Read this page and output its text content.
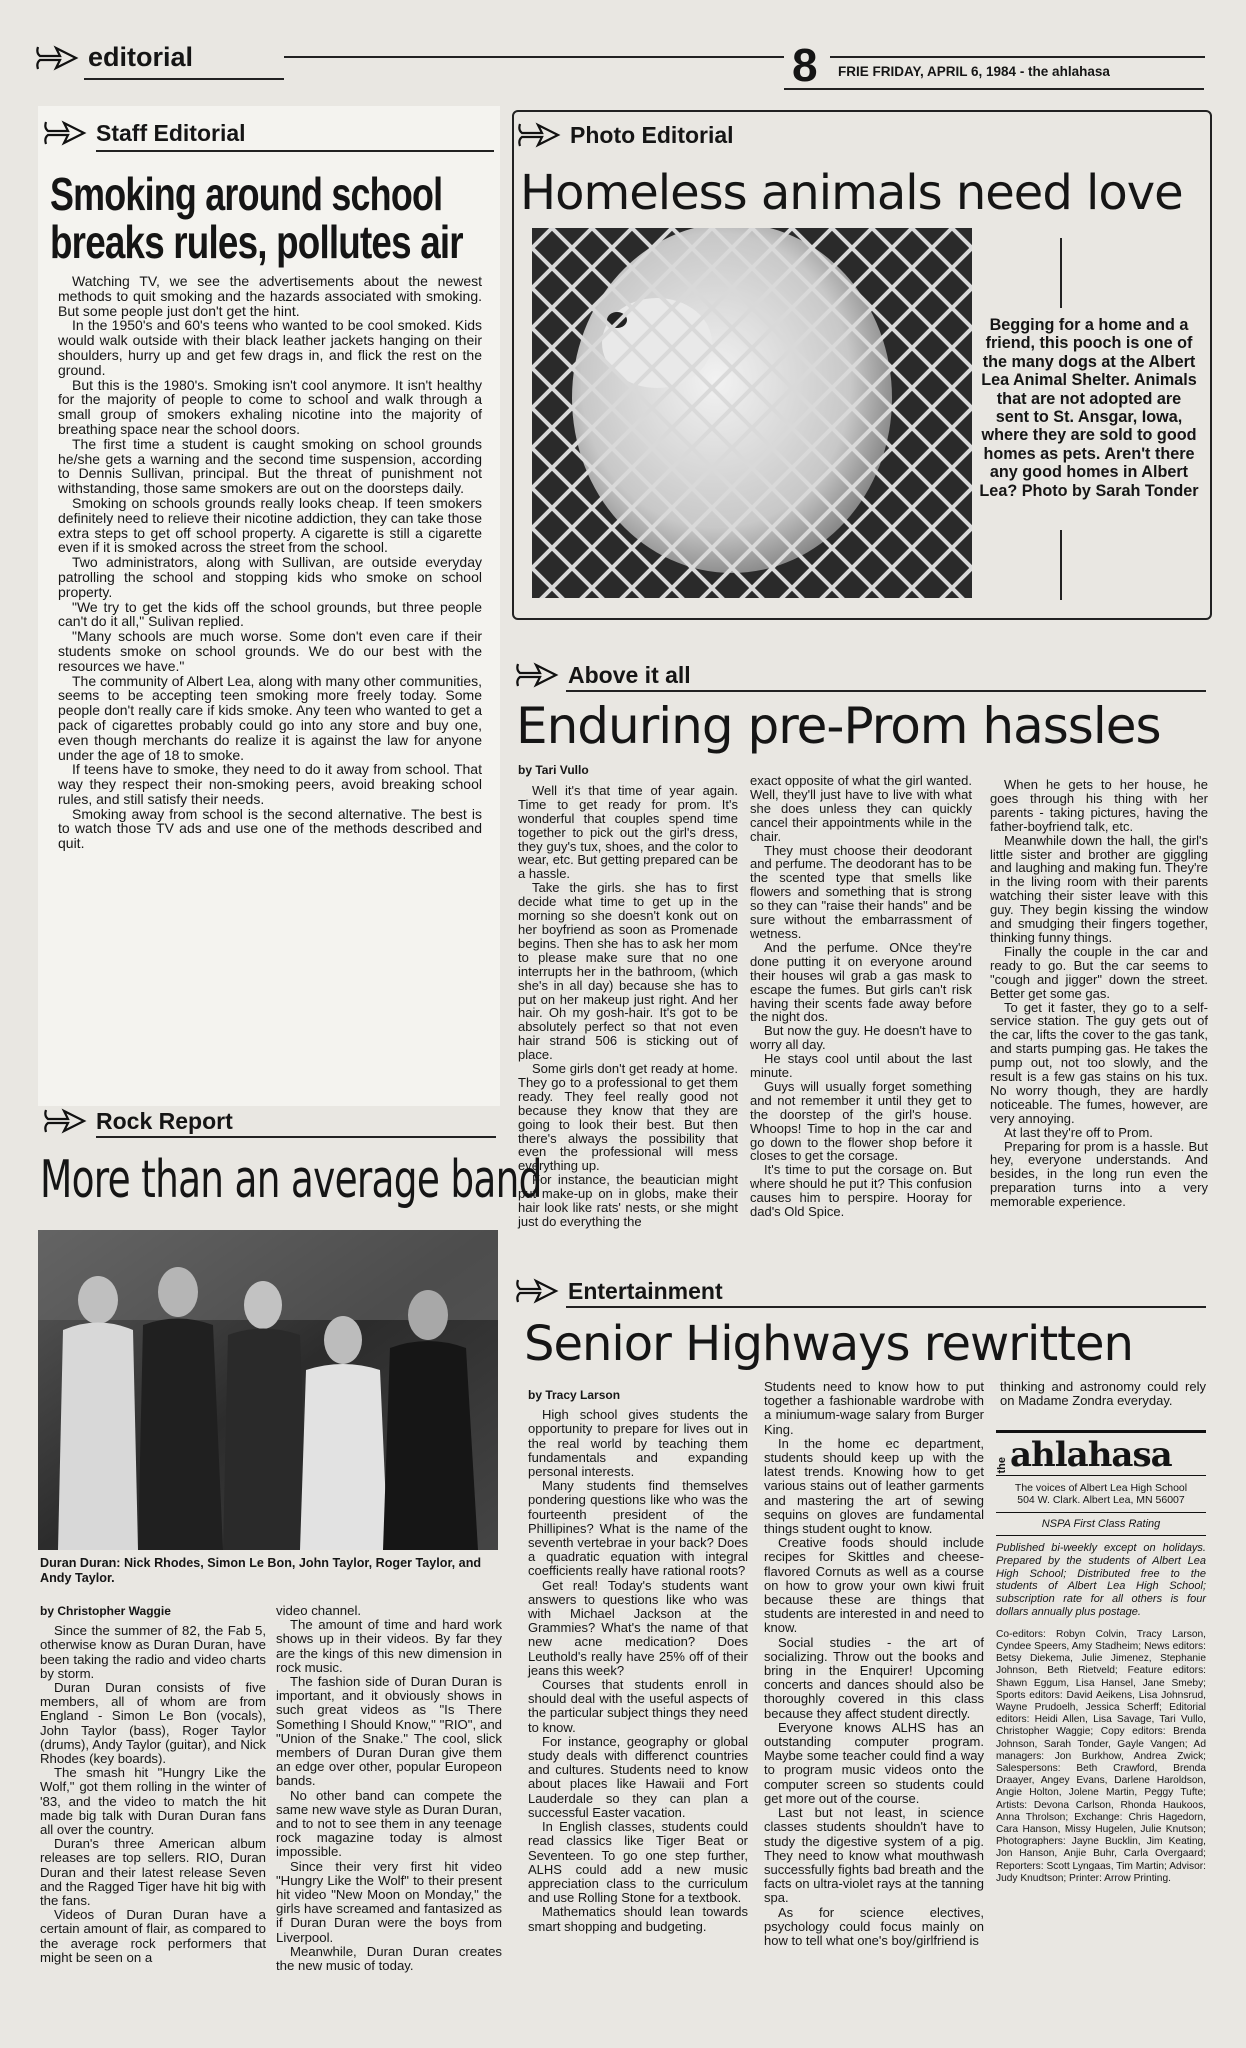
editorial	8 FRIE FRIDAY, APRIL 6, 1984 - the ahlahasa
Staff Editorial
Smoking around school
breaks rules, pollutes air

Watching TV, we see the advertisements about the newest methods to quit smoking and the hazards associated with smoking. But some people just don't get the hint.

In the 1950's and 60's teens who wanted to be cool smoked. Kids would walk outside with their black leather jackets hanging on their shoulders, hurry up and get few drags in, and flick the rest on the ground.

But this is the 1980's. Smoking isn't cool anymore. It isn't healthy for the majority of people to come to school and walk through a small group of smokers exhaling nicotine into the majority of breathing space near the school doors.

The first time a student is caught smoking on school grounds he/she gets a warning and the second time suspension, according to Dennis Sullivan, principal. But the threat of punishment not withstanding, those same smokers are out on the doorsteps daily.

Smoking on schools grounds really looks cheap. If teen smokers definitely need to relieve their nicotine addiction, they can take those extra steps to get off school property. A cigarette is still a cigarette even if it is smoked across the street from the school.

Two administrators, along with Sullivan, are outside everyday patrolling the school and stopping kids who smoke on school property.

"We try to get the kids off the school grounds, but three people can't do it all," Sulivan replied.

"Many schools are much worse. Some don't even care if their students smoke on school grounds. We do our best with the resources we have."

The community of Albert Lea, along with many other communities, seems to be accepting teen smoking more freely today. Some people don't really care if kids smoke. Any teen who wanted to get a pack of cigarettes probably could go into any store and buy one, even though merchants do realize it is against the law for anyone under the age of 18 to smoke.

If teens have to smoke, they need to do it away from school. That way they respect their non-smoking peers, avoid breaking school rules, and still satisfy their needs.

Smoking away from school is the second alternative. The best is to watch those TV ads and use one of the methods described and quit.

Rock Report
More than an average band
Duran Duran: Nick Rhodes, Simon Le Bon, John Taylor, Roger Taylor, and Andy Taylor.
by Christopher Waggie

Since the summer of 82, the Fab 5, otherwise know as Duran Duran, have been taking the radio and video charts by storm.

Duran Duran consists of five members, all of whom are from England - Simon Le Bon (vocals), John Taylor (bass), Roger Taylor (drums), Andy Taylor (guitar), and Nick Rhodes (key boards).

The smash hit "Hungry Like the Wolf," got them rolling in the winter of '83, and the video to match the hit made big talk with Duran Duran fans all over the country.

Duran's three American album releases are top sellers. RIO, Duran Duran and their latest release Seven and the Ragged Tiger have hit big with the fans.

Videos of Duran Duran have a certain amount of flair, as compared to the average rock performers that might be seen on a

video channel.

The amount of time and hard work shows up in their videos. By far they are the kings of this new dimension in rock music.

The fashion side of Duran Duran is important, and it obviously shows in such great videos as "Is There Something I Should Know," "RIO", and "Union of the Snake." The cool, slick members of Duran Duran give them an edge over other, popular Europeon bands.

No other band can compete the same new wave style as Duran Duran, and to not to see them in any teenage rock magazine today is almost impossible.

Since their very first hit video "Hungry Like the Wolf" to their present hit video "New Moon on Monday," the girls have screamed and fantasized as if Duran Duran were the boys from Liverpool.

Meanwhile, Duran Duran creates the new music of today.

Photo Editorial
Homeless animals need love
Begging for a home and a friend, this pooch is one of the many dogs at the Albert Lea Animal Shelter. Animals that are not adopted are sent to St. Ansgar, Iowa, where they are sold to good homes as pets. Aren't there any good homes in Albert Lea? Photo by Sarah Tonder
Above it all
Enduring pre-Prom hassles
by Tari Vullo

Well it's that time of year again. Time to get ready for prom. It's wonderful that couples spend time together to pick out the girl's dress, they guy's tux, shoes, and the color to wear, etc. But getting prepared can be a hassle.

Take the girls. she has to first decide what time to get up in the morning so she doesn't konk out on her boyfriend as soon as Promenade begins. Then she has to ask her mom to please make sure that no one interrupts her in the bathroom, (which she's in all day) because she has to put on her makeup just right. And her hair. Oh my gosh-hair. It's got to be absolutely perfect so that not even hair strand 506 is sticking out of place.

Some girls don't get ready at home. They go to a professional to get them ready. They feel really good not because they know that they are going to look their best. But then there's always the possibility that even the professional will mess everything up.

For instance, the beautician might put make-up on in globs, make their hair look like rats' nests, or she might just do everything the

exact opposite of what the girl wanted. Well, they'll just have to live with what she does unless they can quickly cancel their appointments while in the chair.

They must choose their deodorant and perfume. The deodorant has to be the scented type that smells like flowers and something that is strong so they can "raise their hands" and be sure without the embarrassment of wetness.

And the perfume. ONce they're done putting it on everyone around their houses wil grab a gas mask to escape the fumes. But girls can't risk having their scents fade away before the night dos.

But now the guy. He doesn't have to worry all day.

He stays cool until about the last minute.

Guys will usually forget something and not remember it until they get to the doorstep of the girl's house. Whoops! Time to hop in the car and go down to the flower shop before it closes to get the corsage.

It's time to put the corsage on. But where should he put it? This confusion causes him to perspire. Hooray for dad's Old Spice.

When he gets to her house, he goes through his thing with her parents - taking pictures, having the father-boyfriend talk, etc.

Meanwhile down the hall, the girl's little sister and brother are giggling and laughing and making fun. They're in the living room with their parents watching their sister leave with this guy. They begin kissing the window and smudging their fingers together, thinking funny things.

Finally the couple in the car and ready to go. But the car seems to "cough and jigger" down the street. Better get some gas.

To get it faster, they go to a self-service station. The guy gets out of the car, lifts the cover to the gas tank, and starts pumping gas. He takes the pump out, not too slowly, and the result is a few gas stains on his tux. No worry though, they are hardly noticeable. The fumes, however, are very annoying.

At last they're off to Prom.

Preparing for prom is a hassle. But hey, everyone understands. And besides, in the long run even the preparation turns into a very memorable experience.

Entertainment
Senior Highways rewritten
by Tracy Larson

High school gives students the opportunity to prepare for lives out in the real world by teaching them fundamentals and expanding personal interests.

Many students find themselves pondering questions like who was the fourteenth president of the Phillipines? What is the name of the seventh vertebrae in your back? Does a quadratic equation with integral coefficients really have rational roots?

Get real! Today's students want answers to questions like who was with Michael Jackson at the Grammies? What's the name of that new acne medication? Does Leuthold's really have 25% off of their jeans this week?

Courses that students enroll in should deal with the useful aspects of the particular subject things they need to know.

For instance, geography or global study deals with differenct countries and cultures. Students need to know about places like Hawaii and Fort Lauderdale so they can plan a successful Easter vacation.

In English classes, students could read classics like Tiger Beat or Seventeen. To go one step further, ALHS could add a new music appreciation class to the curriculum and use Rolling Stone for a textbook.

Mathematics should lean towards smart shopping and budgeting.

Students need to know how to put together a fashionable wardrobe with a miniumum-wage salary from Burger King.

In the home ec department, students should keep up with the latest trends. Knowing how to get various stains out of leather garments and mastering the art of sewing sequins on gloves are fundamental things student ought to know.

Creative foods should include recipes for Skittles and cheese-flavored Cornuts as well as a course on how to grow your own kiwi fruit because these are things that students are interested in and need to know.

Social studies - the art of socializing. Throw out the books and bring in the Enquirer! Upcoming concerts and dances should also be thoroughly covered in this class because they affect student directly.

Everyone knows ALHS has an outstanding computer program. Maybe some teacher could find a way to program music videos onto the computer screen so students could get more out of the course.

Last but not least, in science classes students shouldn't have to study the digestive system of a pig. They need to know what mouthwash successfully fights bad breath and the facts on ultra-violet rays at the tanning spa.

As for science electives, psychology could focus mainly on how to tell what one's boy/girlfriend is

thinking and astronomy could rely on Madame Zondra everyday.

the ahlahasa
The voices of Albert Lea High School
504 W. Clark. Albert Lea, MN 56007
NSPA First Class Rating
Published bi-weekly except on holidays. Prepared by the students of Albert Lea High School; Distributed free to the students of Albert Lea High School; subscription rate for all others is four dollars annually plus postage.
Co-editors: Robyn Colvin, Tracy Larson, Cyndee Speers, Amy Stadheim; News editors: Betsy Diekema, Julie Jimenez, Stephanie Johnson, Beth Rietveld; Feature editors: Shawn Eggum, Lisa Hansel, Jane Smeby; Sports editors: David Aeikens, Lisa Johnsrud, Wayne Prudoelh, Jessica Scherff; Editorial editors: Heidi Allen, Lisa Savage, Tari Vullo, Christopher Waggie; Copy editors: Brenda Johnson, Sarah Tonder, Gayle Vangen; Ad managers: Jon Burkhow, Andrea Zwick; Salespersons: Beth Crawford, Brenda Draayer, Angey Evans, Darlene Haroldson, Angie Holton, Jolene Martin, Peggy Tufte; Artists: Devona Carlson, Rhonda Haukoos, Anna Throlson; Exchange: Chris Hagedorn, Cara Hanson, Missy Hugelen, Julie Knutson; Photographers: Jayne Bucklin, Jim Keating, Jon Hanson, Anjie Buhr, Carla Overgaard; Reporters: Scott Lyngaas, Tim Martin; Advisor: Judy Knudtson; Printer: Arrow Printing.
